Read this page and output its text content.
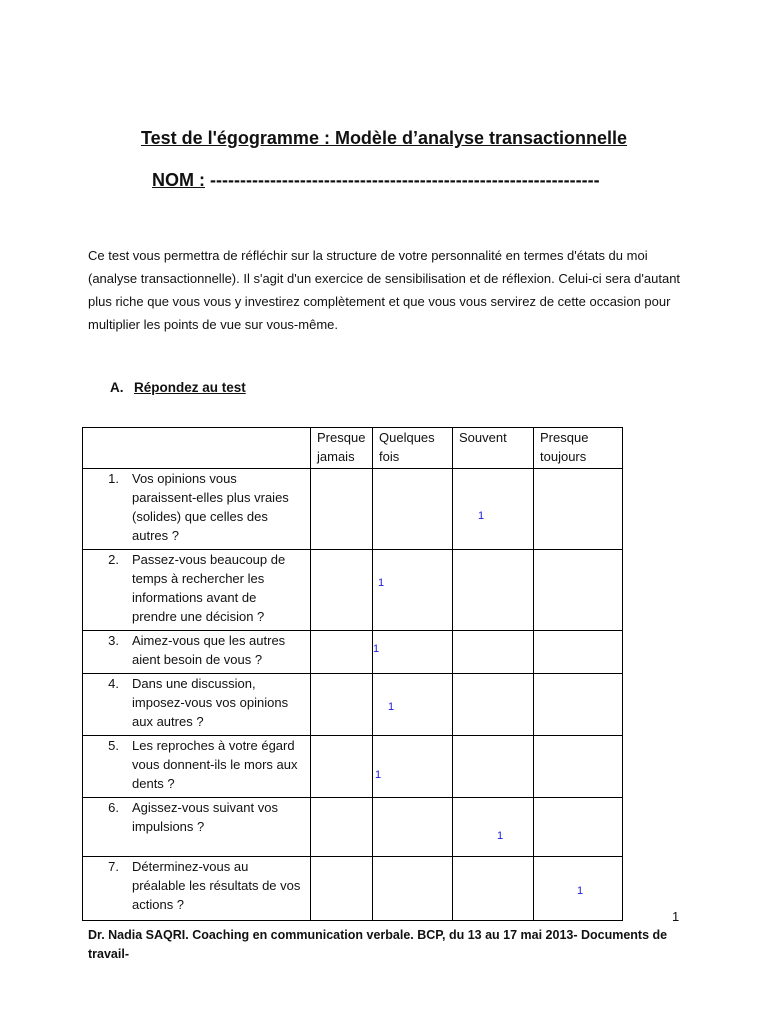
Test de l'égogramme : Modèle d’analyse transactionnelle
NOM : -----------------------------------------------------------------
Ce test vous permettra de réfléchir sur la structure de votre personnalité en termes d'états du moi (analyse transactionnelle). Il s'agit d'un exercice de sensibilisation et de réflexion. Celui-ci sera d'autant plus riche que vous vous y investirez complètement et que vous vous servirez de cette occasion pour multiplier les points de vue sur vous-même.
A. Répondez au test
	Presque jamais	Quelques fois	Souvent	Presque toujours
1. Vos opinions vous paraissent-elles plus vraies (solides) que celles des autres ?			1	

2. Passez-vous beaucoup de temps à rechercher les informations avant de prendre une décision ?		1		

3. Aimez-vous que les autres aient besoin de vous ?		1		

4. Dans une discussion, imposez-vous vos opinions aux autres ?		1		

5. Les reproches à votre égard vous donnent-ils le mors aux dents ?		1		

6. Agissez-vous suivant vos impulsions ?			1	

7.Déterminez-vous au préalable les résultats de vos actions ?				1
1
Dr. Nadia SAQRI. Coaching en communication verbale. BCP, du 13 au 17 mai 2013- Documents de travail-
